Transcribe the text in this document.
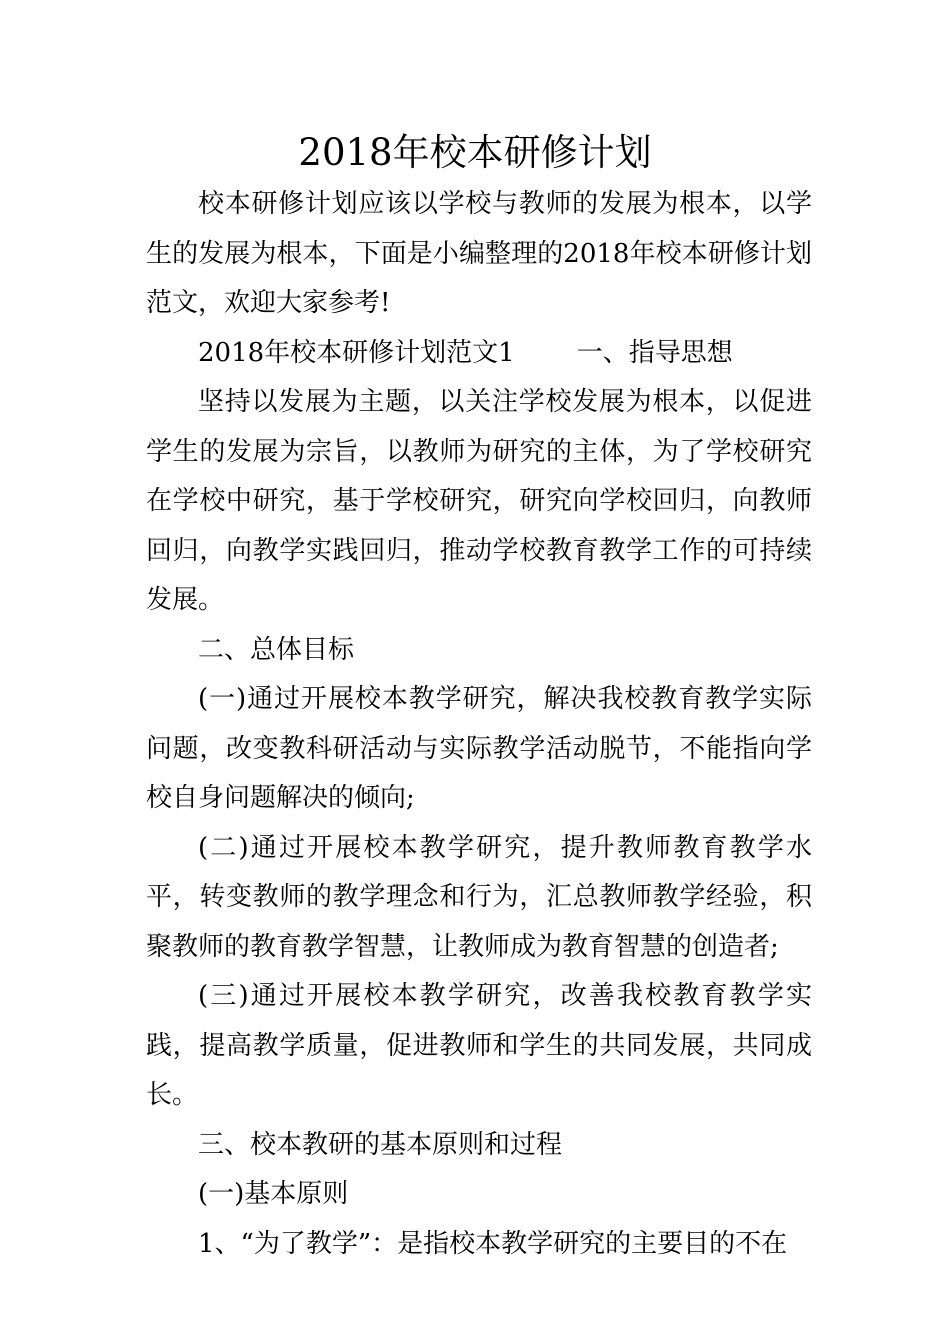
2018年校本研修计划

校本研修计划应该以学校与教师的发展为根本，以学生的发展为根本，下面是小编整理的2018年校本研修计划范文，欢迎大家参考!

2018年校本研修计划范文1 一、指导思想

坚持以发展为主题，以关注学校发展为根本，以促进学生的发展为宗旨，以教师为研究的主体，为了学校研究在学校中研究，基于学校研究，研究向学校回归，向教师回归，向教学实践回归，推动学校教育教学工作的可持续发展。

二、总体目标

(一)通过开展校本教学研究，解决我校教育教学实际问题，改变教科研活动与实际教学活动脱节，不能指向学校自身问题解决的倾向;

(二)通过开展校本教学研究，提升教师教育教学水平，转变教师的教学理念和行为，汇总教师教学经验，积聚教师的教育教学智慧，让教师成为教育智慧的创造者;

(三)通过开展校本教学研究，改善我校教育教学实践，提高教学质量，促进教师和学生的共同发展，共同成长。

三、校本教研的基本原则和过程

(一)基本原则

1、“为了教学”：是指校本教学研究的主要目的不在
